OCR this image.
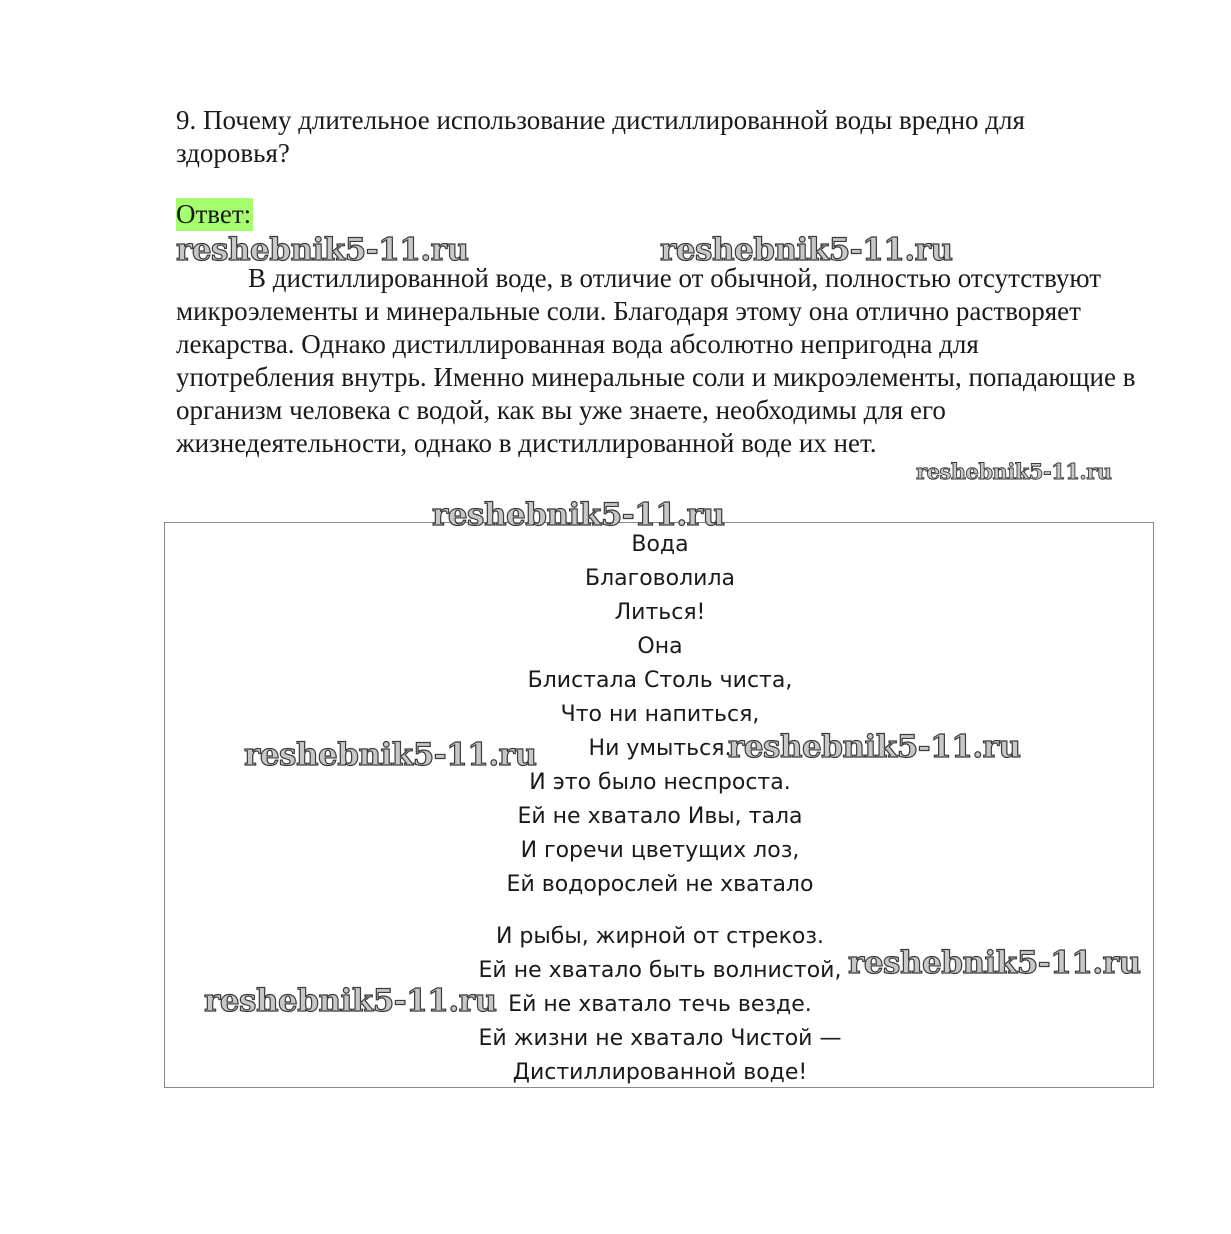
9. Почему длительное использование дистиллированной воды вредно для здоровья?

Ответ:

В дистиллированной воде, в отличие от обычной, полностью отсутствуют микроэлементы и минеральные соли. Благодаря этому она отлично растворяет лекарства. Однако дистиллированная вода абсолютно непригодна для употребления внутрь. Именно минеральные соли и микроэлементы, попадающие в организм человека с водой, как вы уже знаете, необходимы для его жизнедеятельности, однако в дистиллированной воде их нет.

Вода
Благоволила
Литься!
Она
Блистала Столь чиста,
Что ни напиться,
Ни умыться.
И это было неспроста.
Ей не хватало Ивы, тала
И горечи цветущих лоз,
Ей водорослей не хватало
И рыбы, жирной от стрекоз.
Ей не хватало быть волнистой,
Ей не хватало течь везде.
Ей жизни не хватало Чистой —
Дистиллированной воде!
reshebnik5-11.ru	reshebnik5-11.ru
reshebnik5-11.ru
reshebnik5-11.ru
reshebnik5-11.ru	reshebnik5-11.ru
reshebnik5-11.ru
reshebnik5-11.ru
